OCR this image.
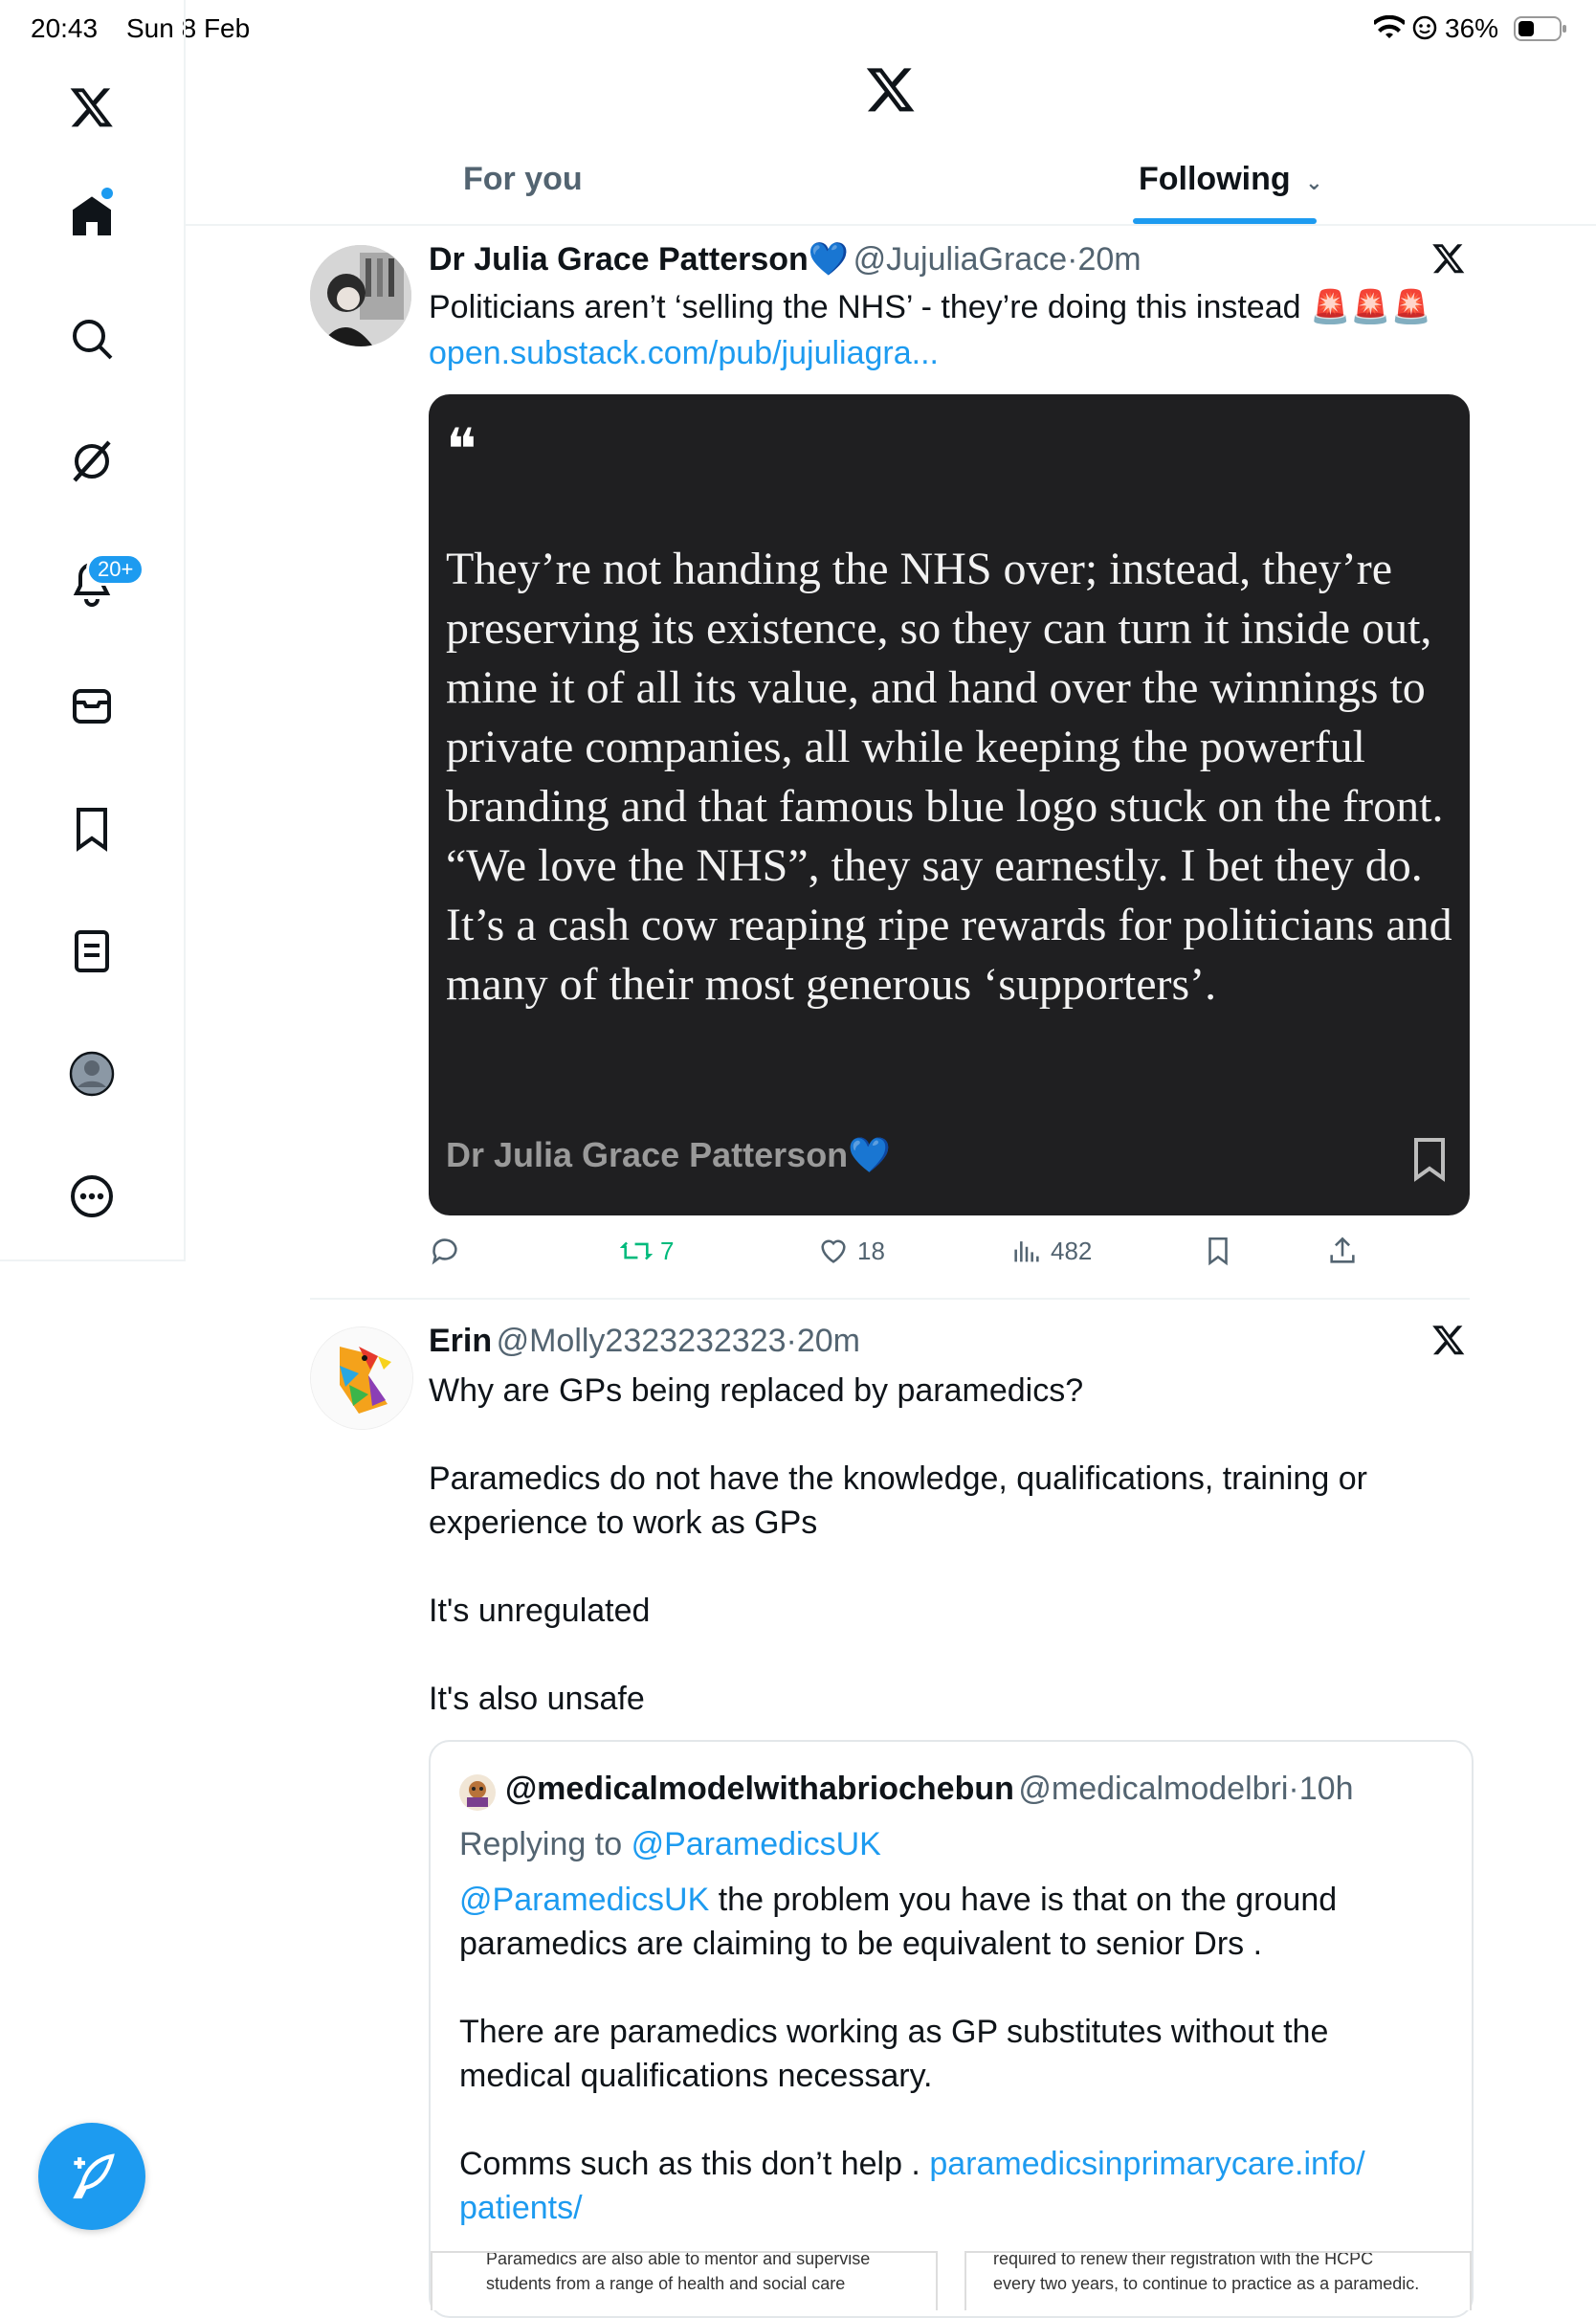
20:43 Sun 8 Feb	36%
20+
For you	Following ⌄
Dr Julia Grace Patterson💙 @JujuliaGrace·20m
Politicians aren’t ‘selling the NHS’ - they’re doing this instead 🚨🚨🚨
open.substack.com/pub/jujuliagra...
❝
They’re not handing the NHS over; instead, they’re preserving its existence, so they can turn it inside out, mine it of all its value, and hand over the winnings to private companies, all while keeping the powerful branding and that famous blue logo stuck on the front. “We love the NHS”, they say earnestly. I bet they do. It’s a cash cow reaping ripe rewards for politicians and many of their most generous ‘supporters’.
Dr Julia Grace Patterson💙
7	18	482
Erin @Molly2323232323·20m
Why are GPs being replaced by paramedics?
Paramedics do not have the knowledge, qualifications, training or experience to work as GPs
It's unregulated
It's also unsafe
@medicalmodelwithabriochebun @medicalmodelbri·10h
Replying to @ParamedicsUK
@ParamedicsUK the problem you have is that on the ground paramedics are claiming to be equivalent to senior Drs .
There are paramedics working as GP substitutes without the medical qualifications necessary.
Comms such as this don’t help . paramedicsinprimarycare.info/ patients/
Paramedics are also able to mentor and supervise
students from a range of health and social care
required to renew their registration with the HCPC
every two years, to continue to practice as a paramedic.
